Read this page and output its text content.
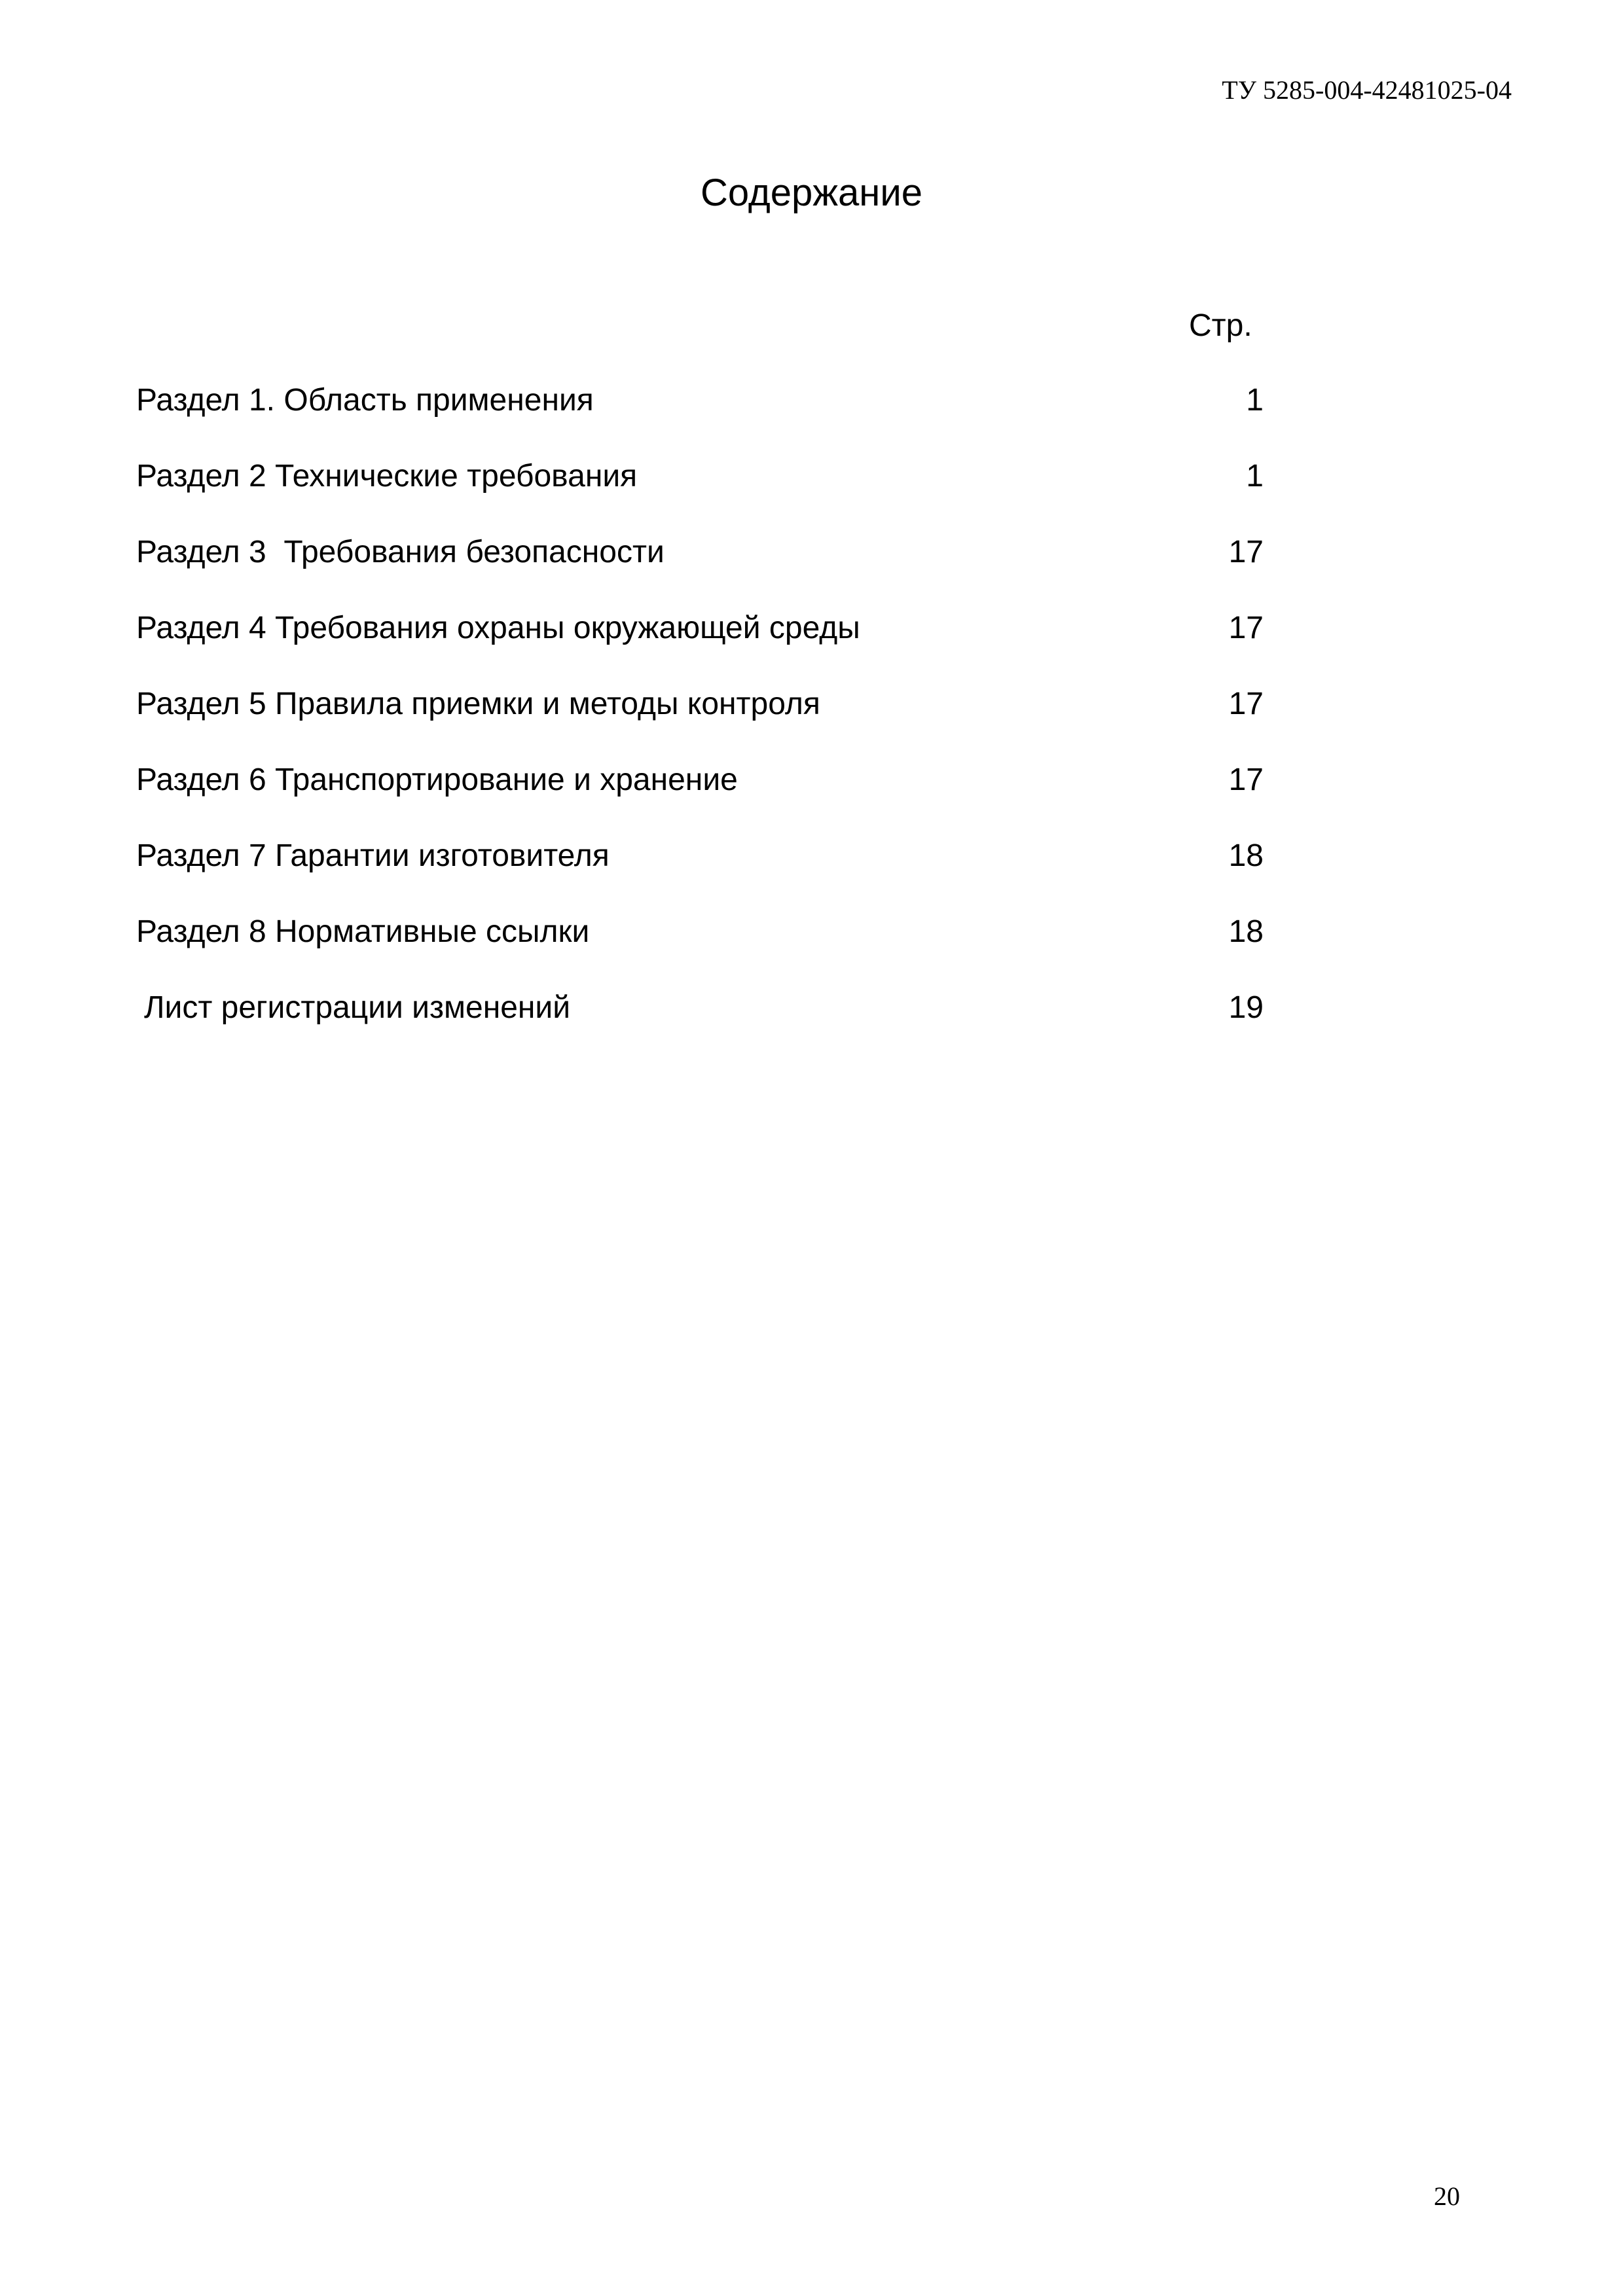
ТУ 5285-004-42481025-04
Содержание
Стр.
Раздел 1. Область применения	1
Раздел 2 Технические требования	1
Раздел 3  Требования безопасности	17
Раздел 4 Требования охраны окружающей среды	17
Раздел 5 Правила приемки и методы контроля	17
Раздел 6 Транспортирование и хранение	17
Раздел 7 Гарантии изготовителя	18
Раздел 8 Нормативные ссылки	18
Лист регистрации изменений	19
20
